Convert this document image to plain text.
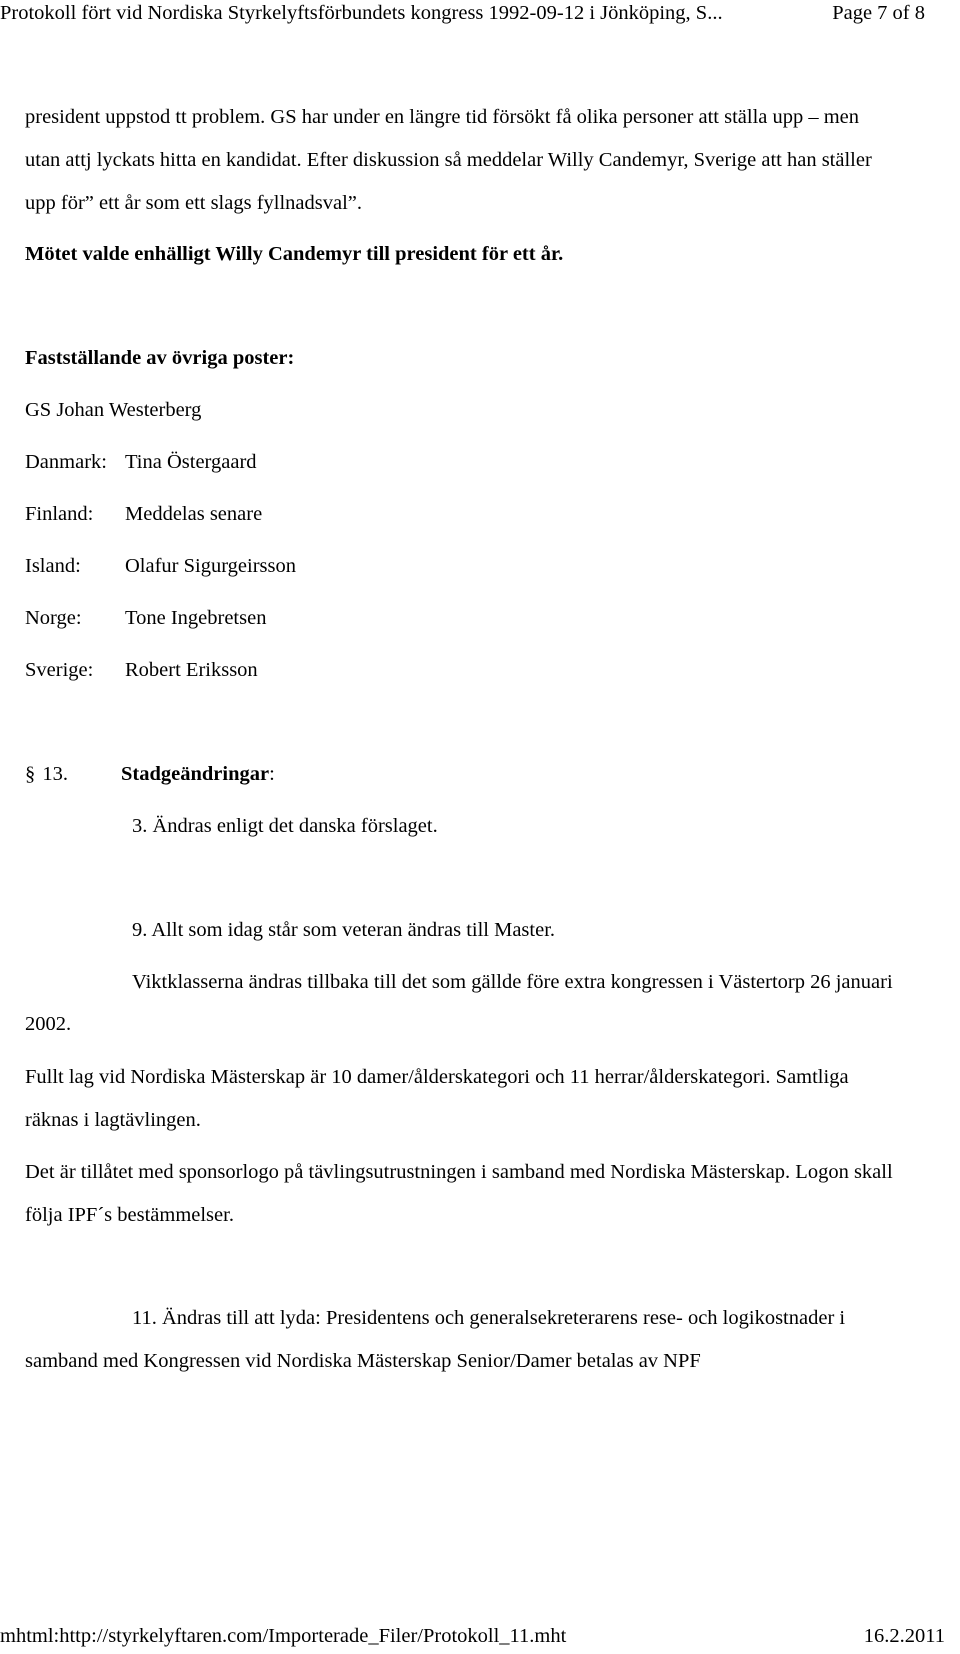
Protokoll fört vid Nordiska Styrkelyftsförbundets kongress 1992-09-12 i Jönköping, S...	Page 7 of 8
president uppstod tt problem. GS har under en längre tid försökt få olika personer att ställa upp – men
utan attj lyckats hitta en kandidat. Efter diskussion så meddelar Willy Candemyr, Sverige att han ställer
upp för” ett år som ett slags fyllnadsval”.
Mötet valde enhälligt Willy Candemyr till president för ett år.
Fastställande av övriga poster:
GS Johan Westerberg
Danmark: Tina Östergaard
Finland: Meddelas senare
Island: Olafur Sigurgeirsson
Norge: Tone Ingebretsen
Sverige: Robert Eriksson
§ 13.	Stadgeändringar:
3. Ändras enligt det danska förslaget.
9. Allt som idag står som veteran ändras till Master.
Viktklasserna ändras tillbaka till det som gällde före extra kongressen i Västertorp 26 januari
2002.
Fullt lag vid Nordiska Mästerskap är 10 damer/ålderskategori och 11 herrar/ålderskategori. Samtliga
räknas i lagtävlingen.
Det är tillåtet med sponsorlogo på tävlingsutrustningen i samband med Nordiska Mästerskap. Logon skall
följa IPF´s bestämmelser.
11. Ändras till att lyda: Presidentens och generalsekreterarens rese- och logikostnader i
samband med Kongressen vid Nordiska Mästerskap Senior/Damer betalas av NPF
mhtml:http://styrkelyftaren.com/Importerade_Filer/Protokoll_11.mht	16.2.2011
